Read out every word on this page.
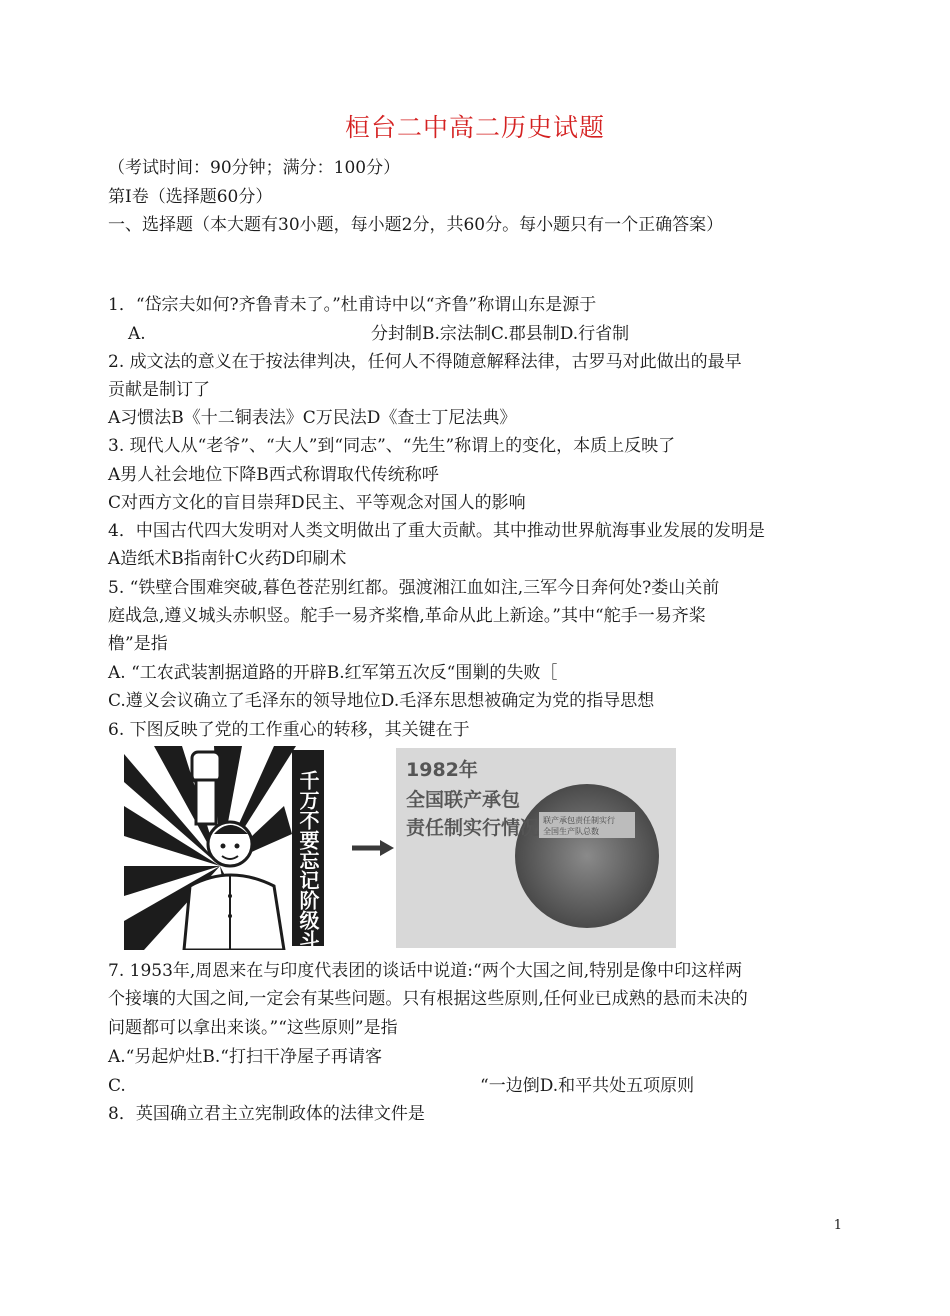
桓台二中高二历史试题
（考试时间：90分钟；满分：100分）
第Ⅰ卷（选择题60分）
一、选择题（本大题有30小题，每小题2分，共60分。每小题只有一个正确答案）
1．“岱宗夫如何?齐鲁青未了。”杜甫诗中以“齐鲁”称谓山东是源于
A.	分封制B.宗法制C.郡县制D.行省制
2. 成文法的意义在于按法律判决，任何人不得随意解释法律，古罗马对此做出的最早
贡献是制订了
A习惯法B《十二铜表法》C万民法D《查士丁尼法典》
3. 现代人从“老爷”、“大人”到“同志”、“先生”称谓上的变化，本质上反映了
A男人社会地位下降B西式称谓取代传统称呼
C对西方文化的盲目崇拜D民主、平等观念对国人的影响
4．中国古代四大发明对人类文明做出了重大贡献。其中推动世界航海事业发展的发明是
A造纸术B指南针C火药D印刷术
5. “铁壁合围难突破,暮色苍茫别红都。强渡湘江血如注,三军今日奔何处?娄山关前
庭战急,遵义城头赤帜竖。舵手一易齐桨橹,革命从此上新途。”其中“舵手一易齐桨
橹”是指
A. “工农武装割据道路的开辟B.红军第五次反“围剿的失败［
C.遵义会议确立了毛泽东的领导地位D.毛泽东思想被确定为党的指导思想
6. 下图反映了党的工作重心的转移，其关键在于
千万不要忘记阶级斗争	1982年
全国联产承包
责任制实行情况 联产承包责任制实行
全国生产队总数
7. 1953年,周恩来在与印度代表团的谈话中说道:“两个大国之间,特别是像中印这样两
个接壤的大国之间,一定会有某些问题。只有根据这些原则,任何业已成熟的悬而未决的
问题都可以拿出来谈。”“这些原则”是指
A.“另起炉灶B.“打扫干净屋子再请客
C.	“一边倒D.和平共处五项原则
8．英国确立君主立宪制政体的法律文件是
1
